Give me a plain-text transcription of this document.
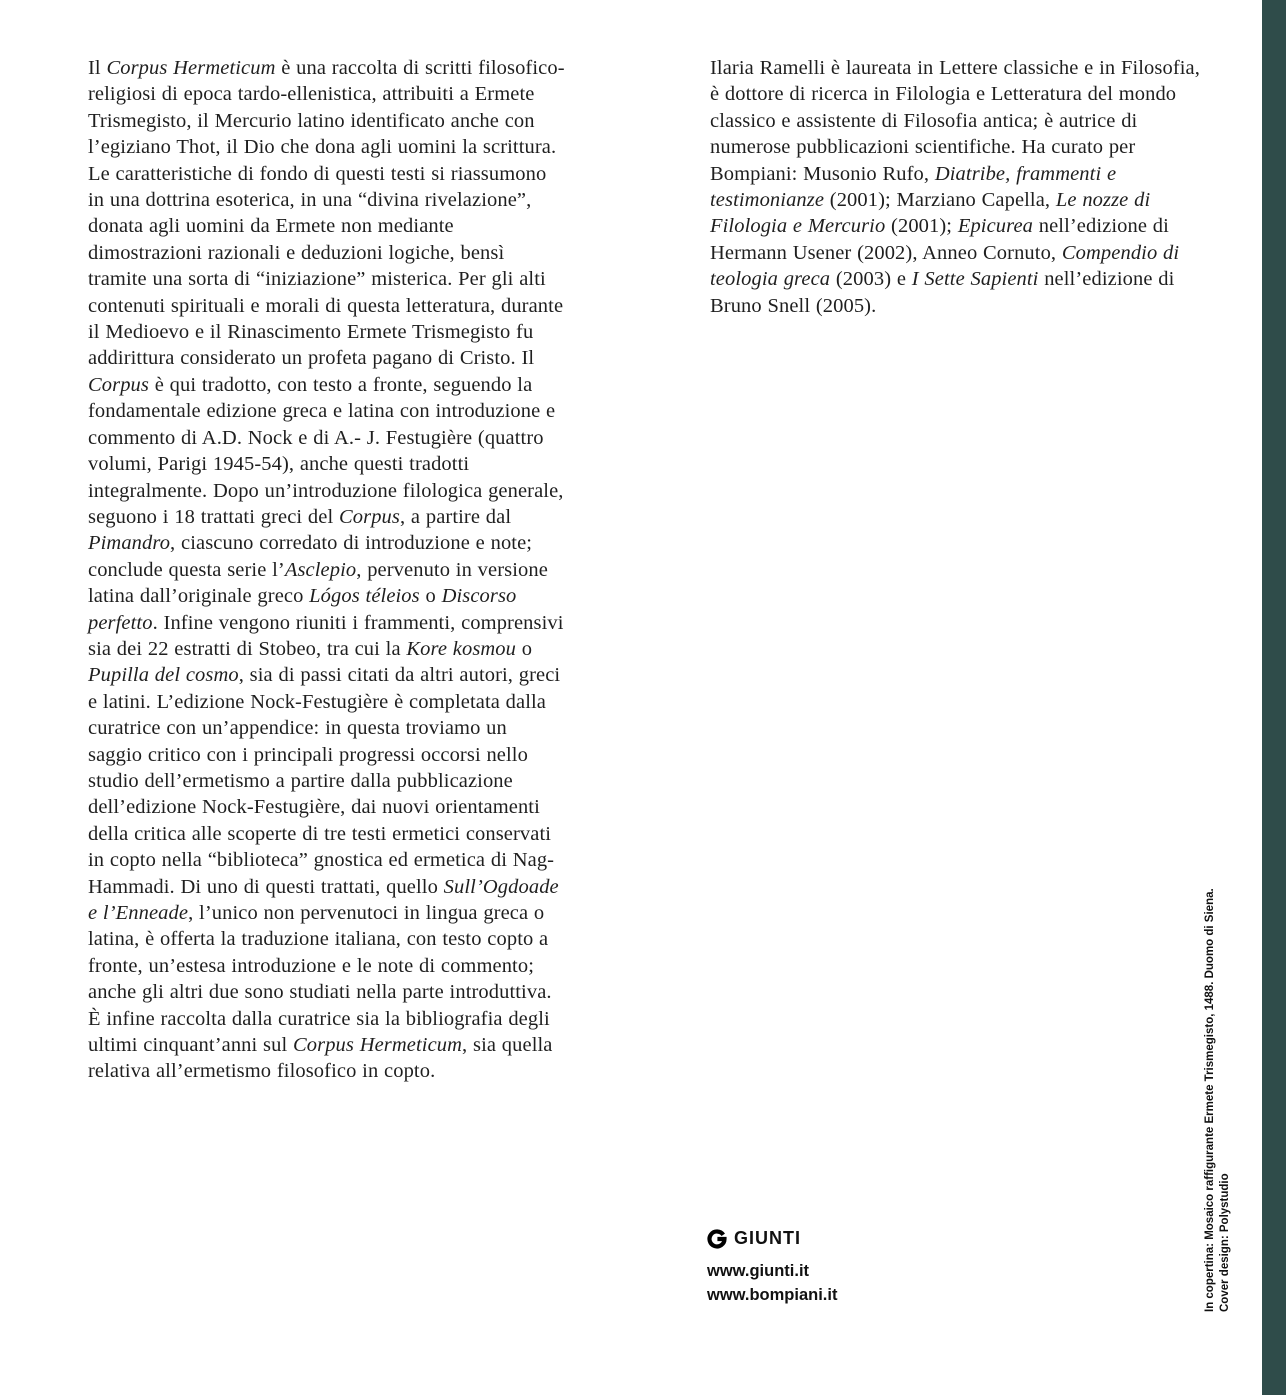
Il Corpus Hermeticum è una raccolta di scritti filosofico-religiosi di epoca tardo-ellenistica, attribuiti a Ermete Trismegisto, il Mercurio latino identificato anche con l’egiziano Thot, il Dio che dona agli uomini la scrittura. Le caratteristiche di fondo di questi testi si riassumono in una dottrina esoterica, in una “divina rivelazione”, donata agli uomini da Ermete non mediante dimostrazioni razionali e deduzioni logiche, bensì tramite una sorta di “iniziazione” misterica. Per gli alti contenuti spirituali e morali di questa letteratura, durante il Medioevo e il Rinascimento Ermete Trismegisto fu addirittura considerato un profeta pagano di Cristo. Il Corpus è qui tradotto, con testo a fronte, seguendo la fondamentale edizione greca e latina con introduzione e commento di A.D. Nock e di A.- J. Festugière (quattro volumi, Parigi 1945-54), anche questi tradotti integralmente. Dopo un’introduzione filologica generale, seguono i 18 trattati greci del Corpus, a partire dal Pimandro, ciascuno corredato di introduzione e note; conclude questa serie l’Asclepio, pervenuto in versione latina dall’originale greco Lógos téleios o Discorso perfetto. Infine vengono riuniti i frammenti, comprensivi sia dei 22 estratti di Stobeo, tra cui la Kore kosmou o Pupilla del cosmo, sia di passi citati da altri autori, greci e latini. L’edizione Nock-Festugière è completata dalla curatrice con un’appendice: in questa troviamo un saggio critico con i principali progressi occorsi nello studio dell’ermetismo a partire dalla pubblicazione dell’edizione Nock-Festugière, dai nuovi orientamenti della critica alle scoperte di tre testi ermetici conservati in copto nella “biblioteca” gnostica ed ermetica di Nag-Hammadi. Di uno di questi trattati, quello Sull’Ogdoade e l’Enneade, l’unico non pervenutoci in lingua greca o latina, è offerta la traduzione italiana, con testo copto a fronte, un’estesa introduzione e le note di commento; anche gli altri due sono studiati nella parte introduttiva. È infine raccolta dalla curatrice sia la bibliografia degli ultimi cinquant’anni sul Corpus Hermeticum, sia quella relativa all’ermetismo filosofico in copto.
Ilaria Ramelli è laureata in Lettere classiche e in Filosofia, è dottore di ricerca in Filologia e Letteratura del mondo classico e assistente di Filosofia antica; è autrice di numerose pubblicazioni scientifiche. Ha curato per Bompiani: Musonio Rufo, Diatribe, frammenti e testimonianze (2001); Marziano Capella, Le nozze di Filologia e Mercurio (2001); Epicurea nell’edizione di Hermann Usener (2002), Anneo Cornuto, Compendio di teologia greca (2003) e I Sette Sapienti nell’edizione di Bruno Snell (2005).
GIUNTI
www.giunti.it
www.bompiani.it	In copertina: Mosaico raffigurante Ermete Trismegisto, 1488. Duomo di Siena. Cover design: Polystudio
